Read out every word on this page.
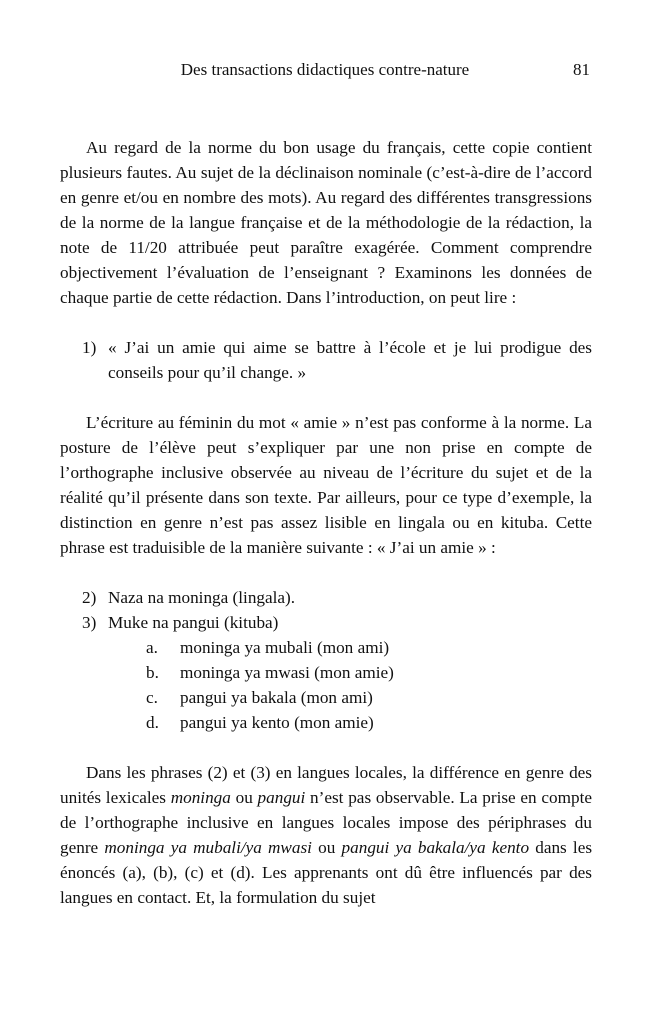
Des transactions didactiques contre-nature	81

Au regard de la norme du bon usage du français, cette copie contient plusieurs fautes. Au sujet de la déclinaison nominale (c’est-à-dire de l’accord en genre et/ou en nombre des mots). Au regard des différentes transgressions de la norme de la langue française et de la méthodologie de la rédaction, la note de 11/20 attribuée peut paraître exagérée. Comment comprendre objectivement l’évaluation de l’enseignant ? Examinons les données de chaque partie de cette rédaction. Dans l’introduction, on peut lire :

1) « J’ai un amie qui aime se battre à l’école et je lui prodigue des conseils pour qu’il change. »

L’écriture au féminin du mot « amie » n’est pas conforme à la norme. La posture de l’élève peut s’expliquer par une non prise en compte de l’orthographe inclusive observée au niveau de l’écriture du sujet et de la réalité qu’il présente dans son texte. Par ailleurs, pour ce type d’exemple, la distinction en genre n’est pas assez lisible en lingala ou en kituba. Cette phrase est traduisible de la manière suivante : « J’ai un amie » :

2) Naza na moninga (lingala).
3) Muke na pangui (kituba)
a. moninga ya mubali (mon ami)
b. moninga ya mwasi (mon amie)
c. pangui ya bakala (mon ami)
d. pangui ya kento (mon amie)

Dans les phrases (2) et (3) en langues locales, la différence en genre des unités lexicales moninga ou pangui n’est pas observable. La prise en compte de l’orthographe inclusive en langues locales impose des périphrases du genre moninga ya mubali/ya mwasi ou pangui ya bakala/ya kento dans les énoncés (a), (b), (c) et (d). Les apprenants ont dû être influencés par des langues en contact. Et, la formulation du sujet
